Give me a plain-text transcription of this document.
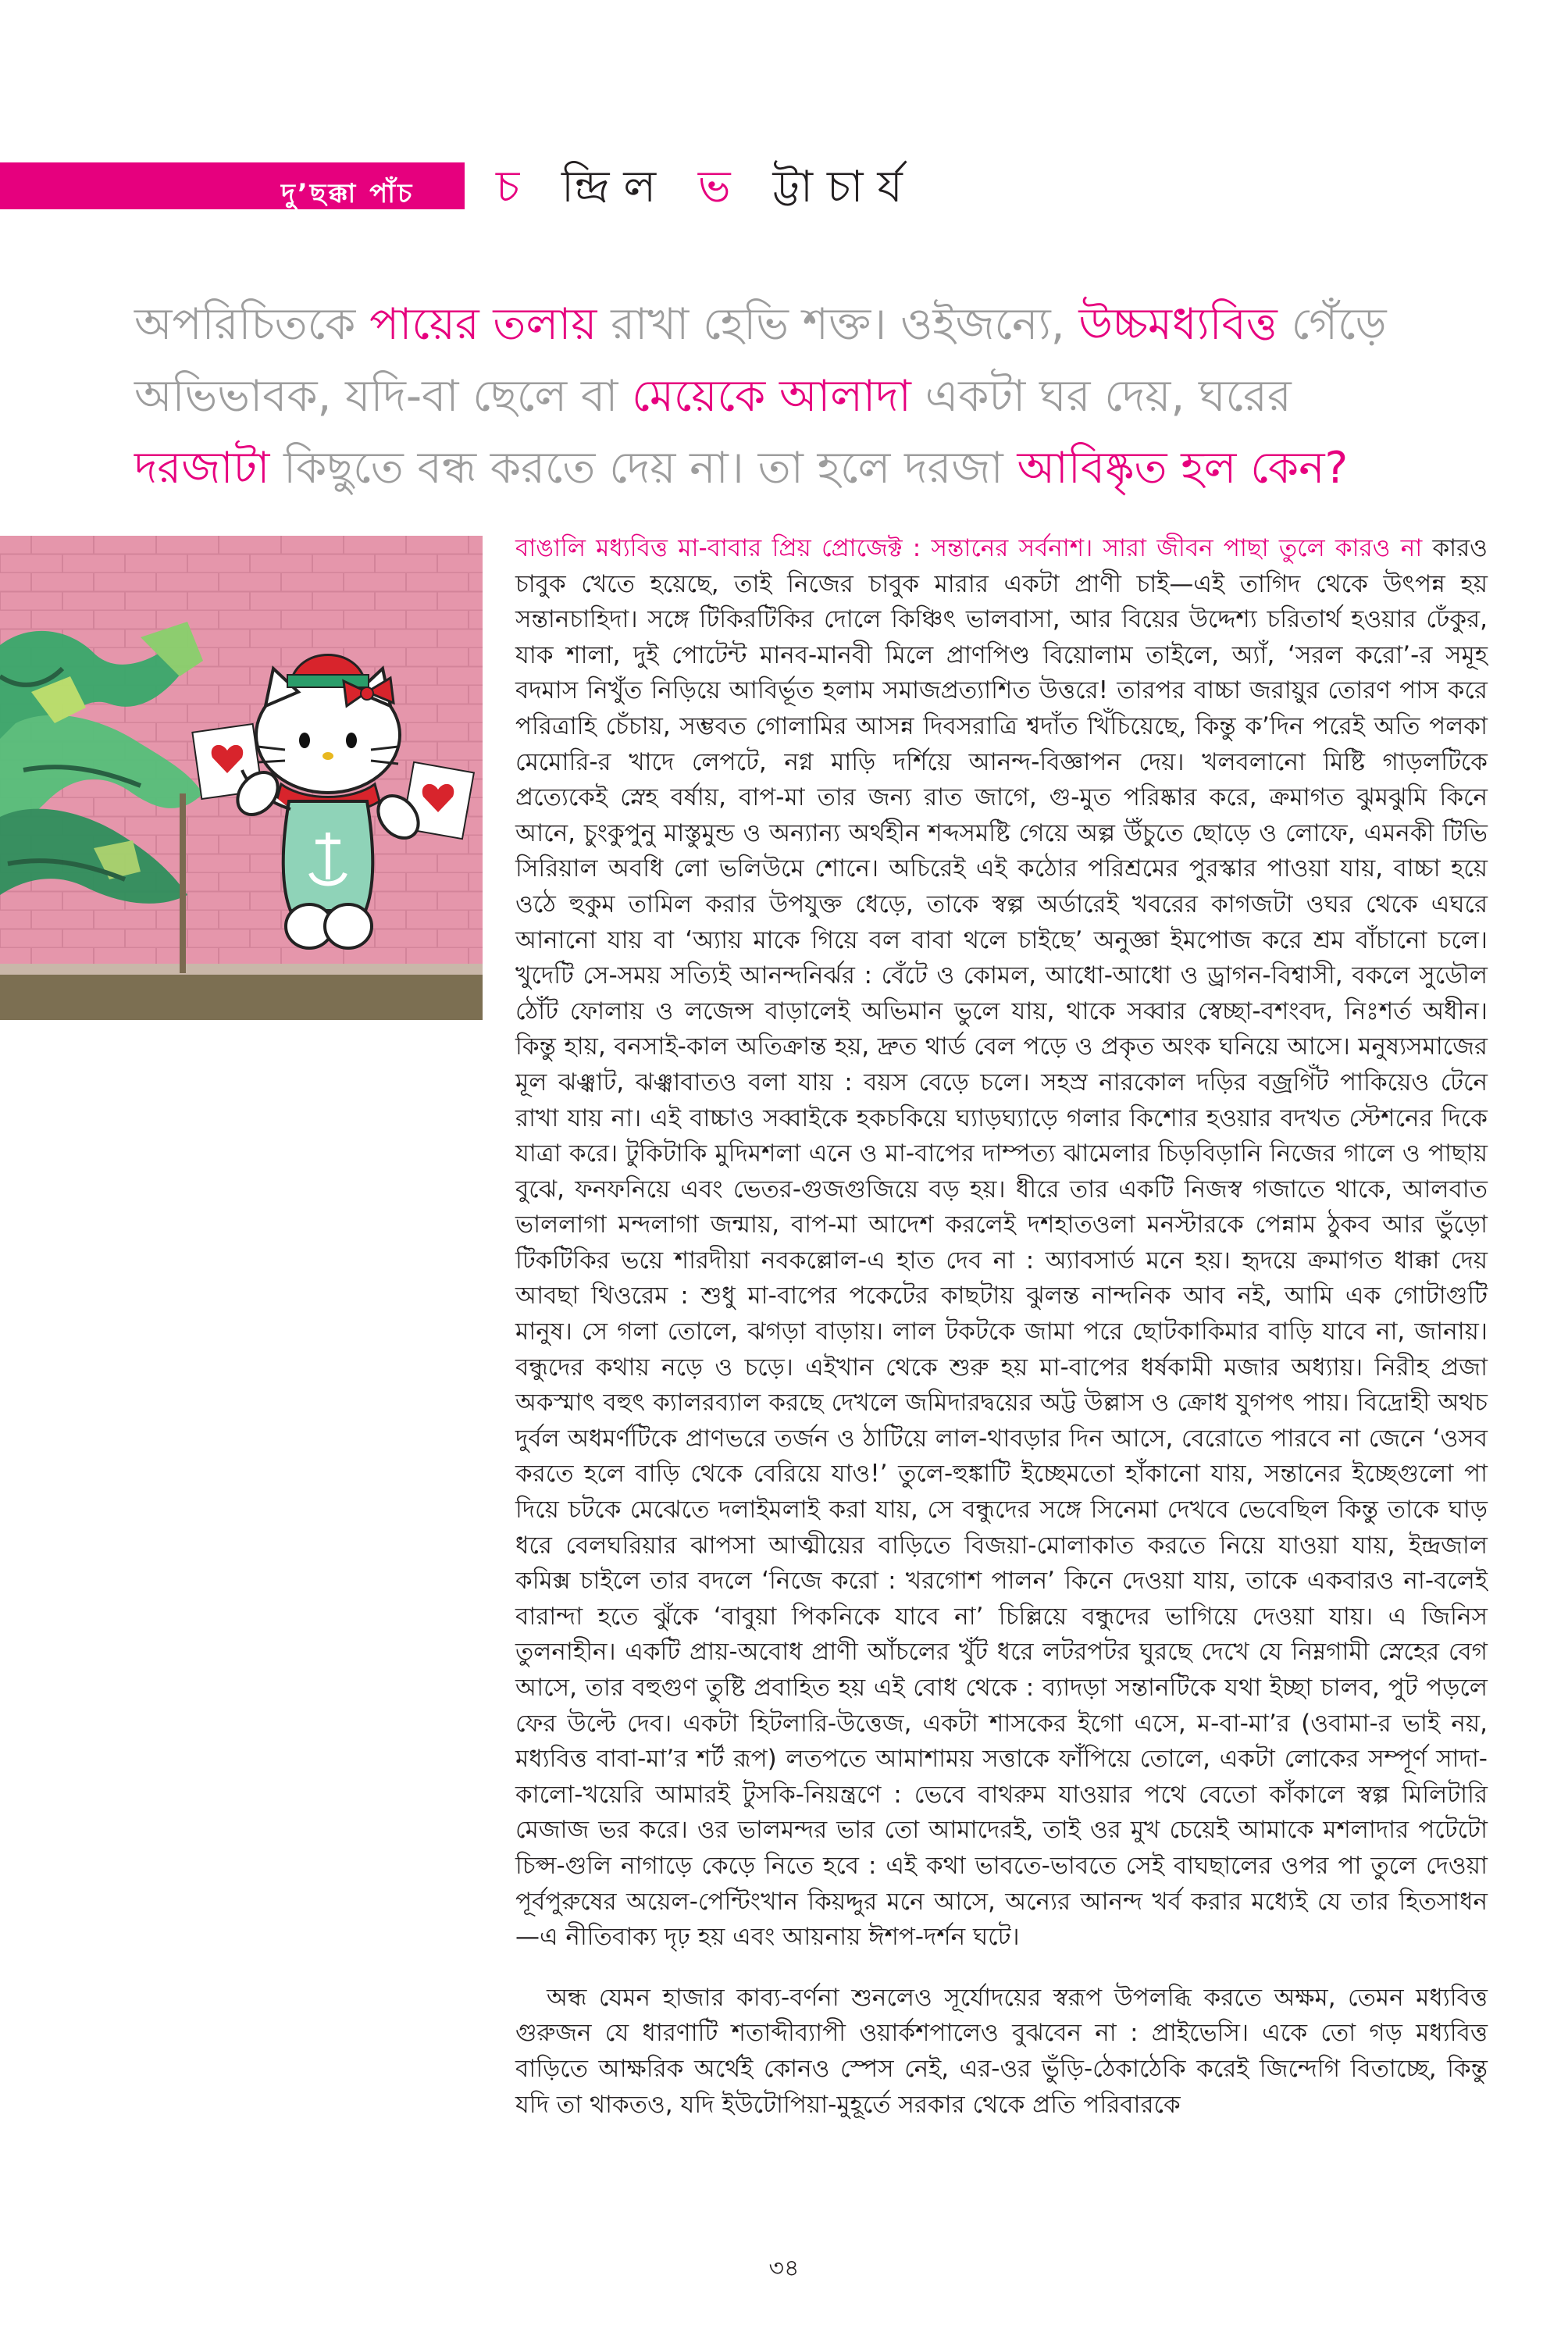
দু’ছক্কা পাঁচ চ ন্দ্রিল ভ ট্টাচার্য

অপরিচিতকে পায়ের তলায় রাখা হেভি শক্ত। ওইজন্যে, উচ্চমধ্যবিত্ত গেঁড়ে

অভিভাবক, যদি-বা ছেলে বা মেয়েকে আলাদা একটা ঘর দেয়, ঘরের

দরজাটা কিছুতে বন্ধ করতে দেয় না। তা হলে দরজা আবিষ্কৃত হল কেন?

বাঙালি মধ্যবিত্ত মা-বাবার প্রিয় প্রোজেক্ট : সন্তানের সর্বনাশ। সারা জীবন পাছা তুলে কারও না কারও চাবুক খেতে হয়েছে, তাই নিজের চাবুক মারার একটা প্রাণী চাই—এই তাগিদ থেকে উৎপন্ন হয় সন্তানচাহিদা। সঙ্গে টিকিরটিকির দোলে কিঞ্চিৎ ভালবাসা, আর বিয়ের উদ্দেশ্য চরিতার্থ হওয়ার ঢেঁকুর, যাক শালা, দুই পোটেন্ট মানব-মানবী মিলে প্রাণপিণ্ড বিয়োলাম তাইলে, অ্যাঁ, ‘সরল করো’-র সমূহ বদমাস নিখুঁত নিড়িয়ে আবির্ভূত হলাম সমাজপ্রত্যাশিত উত্তরে! তারপর বাচ্চা জরায়ুর তোরণ পাস করে পরিত্রাহি চেঁচায়, সম্ভবত গোলামির আসন্ন দিবসরাত্রি শ্বদাঁত খিঁচিয়েছে, কিন্তু ক’দিন পরেই অতি পলকা মেমোরি-র খাদে লেপটে, নগ্ন মাড়ি দর্শিয়ে আনন্দ-বিজ্ঞাপন দেয়। খলবলানো মিষ্টি গাড়লটিকে প্রত্যেকেই স্নেহ বর্ষায়, বাপ-মা তার জন্য রাত জাগে, গু-মুত পরিষ্কার করে, ক্রমাগত ঝুমঝুমি কিনে আনে, চুংকুপুনু মাস্তুমুন্ড ও অন্যান্য অর্থহীন শব্দসমষ্টি গেয়ে অল্প উঁচুতে ছোড়ে ও লোফে, এমনকী টিভি সিরিয়াল অবধি লো ভলিউমে শোনে। অচিরেই এই কঠোর পরিশ্রমের পুরস্কার পাওয়া যায়, বাচ্চা হয়ে ওঠে হুকুম তামিল করার উপযুক্ত ধেড়ে, তাকে স্বল্প অর্ডারেই খবরের কাগজটা ওঘর থেকে এঘরে আনানো যায় বা ‘অ্যায় মাকে গিয়ে বল বাবা থলে চাইছে’ অনুজ্ঞা ইমপোজ করে শ্রম বাঁচানো চলে। খুদেটি সে-সময় সত্যিই আনন্দনির্ঝর : বেঁটে ও কোমল, আধো-আধো ও ড্রাগন-বিশ্বাসী, বকলে সুডৌল ঠোঁট ফোলায় ও লজেন্স বাড়ালেই অভিমান ভুলে যায়, থাকে সব্বার স্বেচ্ছা-বশংবদ, নিঃশর্ত অধীন। কিন্তু হায়, বনসাই-কাল অতিক্রান্ত হয়, দ্রুত থার্ড বেল পড়ে ও প্রকৃত অংক ঘনিয়ে আসে। মনুষ্যসমাজের মূল ঝঞ্ঝাট, ঝঞ্ঝাবাতও বলা যায় : বয়স বেড়ে চলে। সহস্র নারকোল দড়ির বজ্রগিঁট পাকিয়েও টেনে রাখা যায় না। এই বাচ্চাও সব্বাইকে হকচকিয়ে ঘ্যাড়ঘ্যাড়ে গলার কিশোর হওয়ার বদখত স্টেশনের দিকে যাত্রা করে। টুকিটাকি মুদিমশলা এনে ও মা-বাপের দাম্পত্য ঝামেলার চিড়বিড়ানি নিজের গালে ও পাছায় বুঝে, ফনফনিয়ে এবং ভেতর-গুজগুজিয়ে বড় হয়। ধীরে তার একটি নিজস্ব গজাতে থাকে, আলবাত ভাললাগা মন্দলাগা জন্মায়, বাপ-মা আদেশ করলেই দশহাতওলা মনস্টারকে পেন্নাম ঠুকব আর ভুঁড়ো টিকটিকির ভয়ে শারদীয়া নবকল্লোল-এ হাত দেব না : অ্যাবসার্ড মনে হয়। হৃদয়ে ক্রমাগত ধাক্কা দেয় আবছা থিওরেম : শুধু মা-বাপের পকেটের কাছটায় ঝুলন্ত নান্দনিক আব নই, আমি এক গোটাগুটি মানুষ। সে গলা তোলে, ঝগড়া বাড়ায়। লাল টকটকে জামা পরে ছোটকাকিমার বাড়ি যাবে না, জানায়। বন্ধুদের কথায় নড়ে ও চড়ে। এইখান থেকে শুরু হয় মা-বাপের ধর্ষকামী মজার অধ্যায়। নিরীহ প্রজা অকস্মাৎ বহুৎ ক্যালরব্যাল করছে দেখলে জমিদারদ্বয়ের অট্ট উল্লাস ও ক্রোধ যুগপৎ পায়। বিদ্রোহী অথচ দুর্বল অধমর্ণটিকে প্রাণভরে তর্জন ও ঠাটিয়ে লাল-থাবড়ার দিন আসে, বেরোতে পারবে না জেনে ‘ওসব করতে হলে বাড়ি থেকে বেরিয়ে যাও!’ তুলে-হুঙ্কাটি ইচ্ছেমতো হাঁকানো যায়, সন্তানের ইচ্ছেগুলো পা দিয়ে চটকে মেঝেতে দলাইমলাই করা যায়, সে বন্ধুদের সঙ্গে সিনেমা দেখবে ভেবেছিল কিন্তু তাকে ঘাড় ধরে বেলঘরিয়ার ঝাপসা আত্মীয়ের বাড়িতে বিজয়া-মোলাকাত করতে নিয়ে যাওয়া যায়, ইন্দ্রজাল কমিক্স চাইলে তার বদলে ‘নিজে করো : খরগোশ পালন’ কিনে দেওয়া যায়, তাকে একবারও না-বলেই বারান্দা হতে ঝুঁকে ‘বাবুয়া পিকনিকে যাবে না’ চিল্লিয়ে বন্ধুদের ভাগিয়ে দেওয়া যায়। এ জিনিস তুলনাহীন। একটি প্রায়-অবোধ প্রাণী আঁচলের খুঁট ধরে লটরপটর ঘুরছে দেখে যে নিম্নগামী স্নেহের বেগ আসে, তার বহুগুণ তুষ্টি প্রবাহিত হয় এই বোধ থেকে : ব্যাদড়া সন্তানটিকে যথা ইচ্ছা চালব, পুট পড়লে ফের উল্টে দেব। একটা হিটলারি-উত্তেজ, একটা শাসকের ইগো এসে, ম-বা-মা’র (ওবামা-র ভাই নয়, মধ্যবিত্ত বাবা-মা’র শর্ট রূপ) লতপতে আমাশাময় সত্তাকে ফাঁপিয়ে তোলে, একটা লোকের সম্পূর্ণ সাদা-কালো-খয়েরি আমারই টুসকি-নিয়ন্ত্রণে : ভেবে বাথরুম যাওয়ার পথে বেতো কাঁকালে স্বল্প মিলিটারি মেজাজ ভর করে। ওর ভালমন্দর ভার তো আমাদেরই, তাই ওর মুখ চেয়েই আমাকে মশলাদার পটেটো চিপ্স-গুলি নাগাড়ে কেড়ে নিতে হবে : এই কথা ভাবতে-ভাবতে সেই বাঘছালের ওপর পা তুলে দেওয়া পূর্বপুরুষের অয়েল-পেন্টিংখান কিয়দ্দুর মনে আসে, অন্যের আনন্দ খর্ব করার মধ্যেই যে তার হিতসাধন—এ নীতিবাক্য দৃঢ় হয় এবং আয়নায় ঈশপ-দর্শন ঘটে।

অন্ধ যেমন হাজার কাব্য-বর্ণনা শুনলেও সূর্যোদয়ের স্বরূপ উপলব্ধি করতে অক্ষম, তেমন মধ্যবিত্ত গুরুজন যে ধারণাটি শতাব্দীব্যাপী ওয়ার্কশপালেও বুঝবেন না : প্রাইভেসি। একে তো গড় মধ্যবিত্ত বাড়িতে আক্ষরিক অর্থেই কোনও স্পেস নেই, এর-ওর ভুঁড়ি-ঠেকাঠেকি করেই জিন্দেগি বিতাচ্ছে, কিন্তু যদি তা থাকতও, যদি ইউটোপিয়া-মুহূর্তে সরকার থেকে প্রতি পরিবারকে

৩৪
